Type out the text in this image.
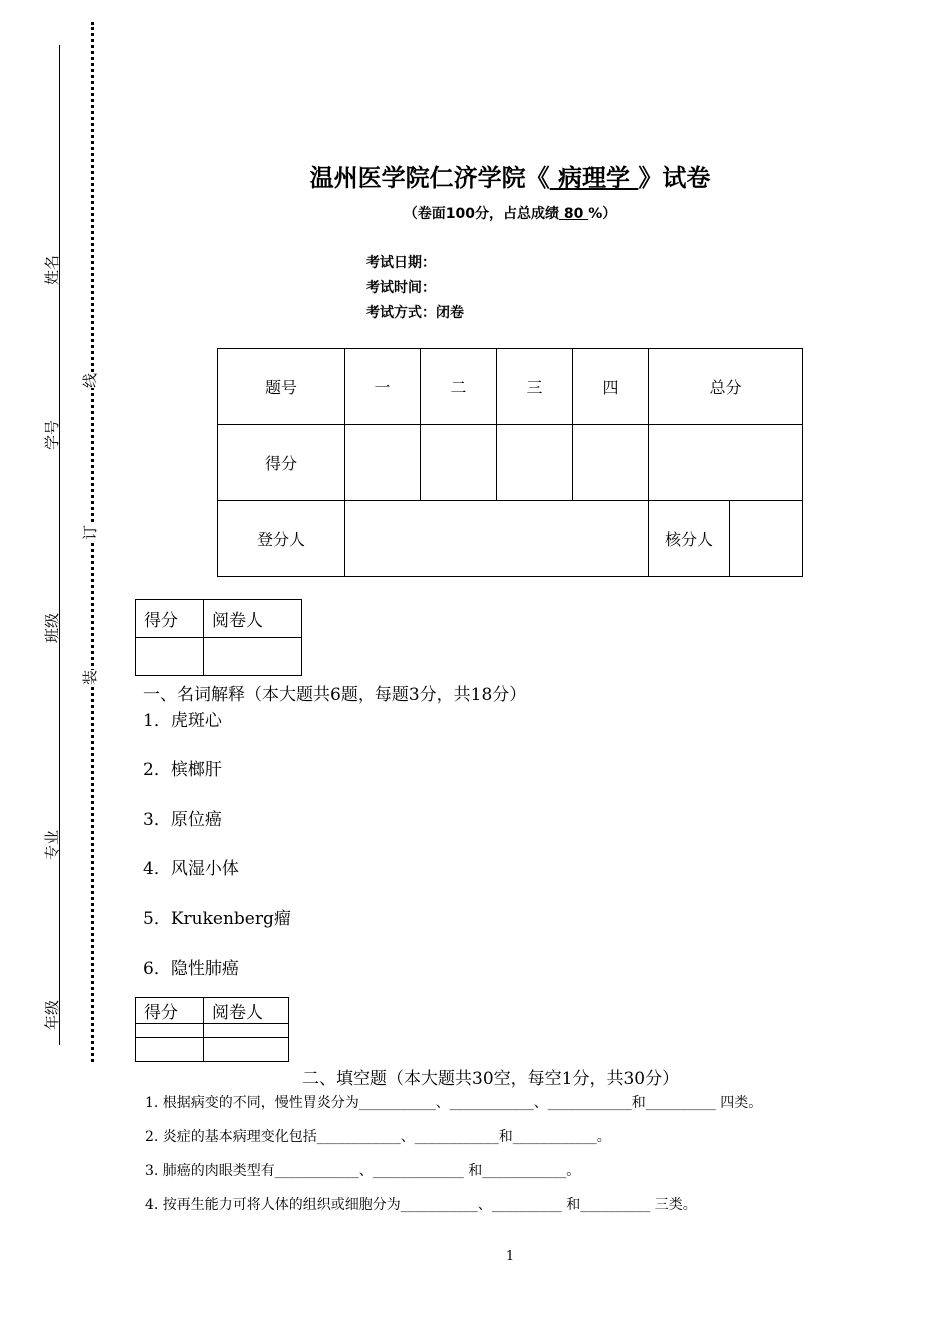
姓名
学号
班级
专业
年级
线
订
装
温州医学院仁济学院《 病理学 》试卷
（卷面100分，占总成绩 80 %）
考试日期：
考试时间：
考试方式：闭卷
题号	一	二	三	四	总分	
得分						
登分人					核分人	
得分	阅卷人

一、名词解释（本大题共6题，每题3分，共18分）
1．虎斑心
2．槟榔肝
3．原位癌
4．风湿小体
5．Krukenberg瘤
6．隐性肺癌
得分	阅卷人

二、填空题（本大题共30空，每空1分，共30分）
1. 根据病变的不同，慢性胃炎分为___________、____________、____________和__________ 四类。
2. 炎症的基本病理变化包括____________、____________和____________。
3. 肺癌的肉眼类型有____________、_____________ 和____________。
4. 按再生能力可将人体的组织或细胞分为___________、__________ 和__________ 三类。
1
